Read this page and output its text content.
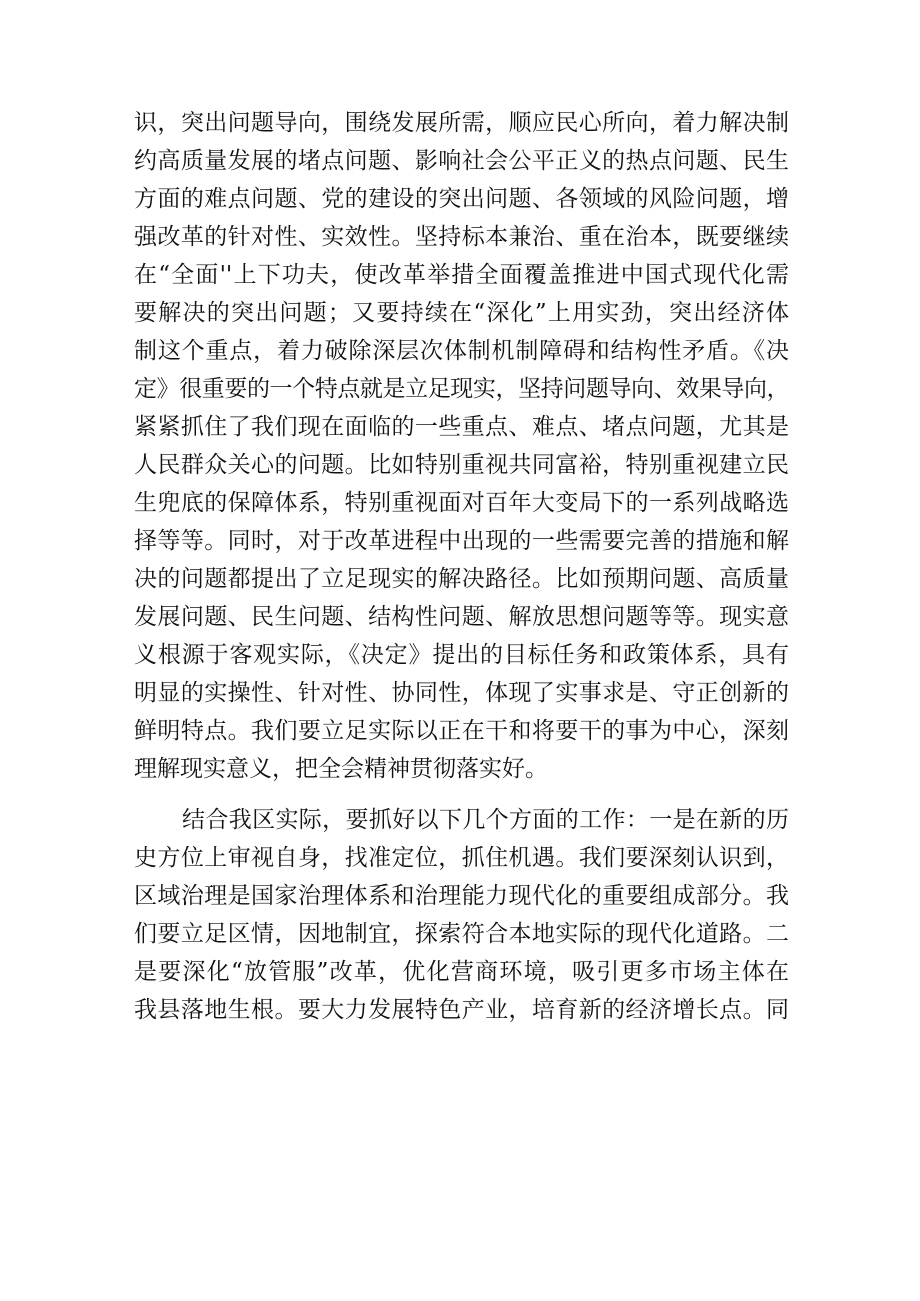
识，突出问题导向，围绕发展所需，顺应民心所向，着力解决制
约高质量发展的堵点问题、影响社会公平正义的热点问题、民生
方面的难点问题、党的建设的突出问题、各领域的风险问题，增
强改革的针对性、实效性。坚持标本兼治、重在治本，既要继续
在“全面''上下功夫，使改革举措全面覆盖推进中国式现代化需
要解决的突出问题；又要持续在“深化”上用实劲，突出经济体
制这个重点，着力破除深层次体制机制障碍和结构性矛盾。《决
定》很重要的一个特点就是立足现实，坚持问题导向、效果导向，
紧紧抓住了我们现在面临的一些重点、难点、堵点问题，尤其是
人民群众关心的问题。比如特别重视共同富裕，特别重视建立民
生兜底的保障体系，特别重视面对百年大变局下的一系列战略选
择等等。同时，对于改革进程中出现的一些需要完善的措施和解
决的问题都提出了立足现实的解决路径。比如预期问题、高质量
发展问题、民生问题、结构性问题、解放思想问题等等。现实意
义根源于客观实际，《决定》提出的目标任务和政策体系，具有
明显的实操性、针对性、协同性，体现了实事求是、守正创新的
鲜明特点。我们要立足实际以正在干和将要干的事为中心，深刻
理解现实意义，把全会精神贯彻落实好。
结合我区实际，要抓好以下几个方面的工作：一是在新的历
史方位上审视自身，找准定位，抓住机遇。我们要深刻认识到，
区域治理是国家治理体系和治理能力现代化的重要组成部分。我
们要立足区情，因地制宜，探索符合本地实际的现代化道路。二
是要深化“放管服”改革，优化营商环境，吸引更多市场主体在
我县落地生根。要大力发展特色产业，培育新的经济增长点。同
